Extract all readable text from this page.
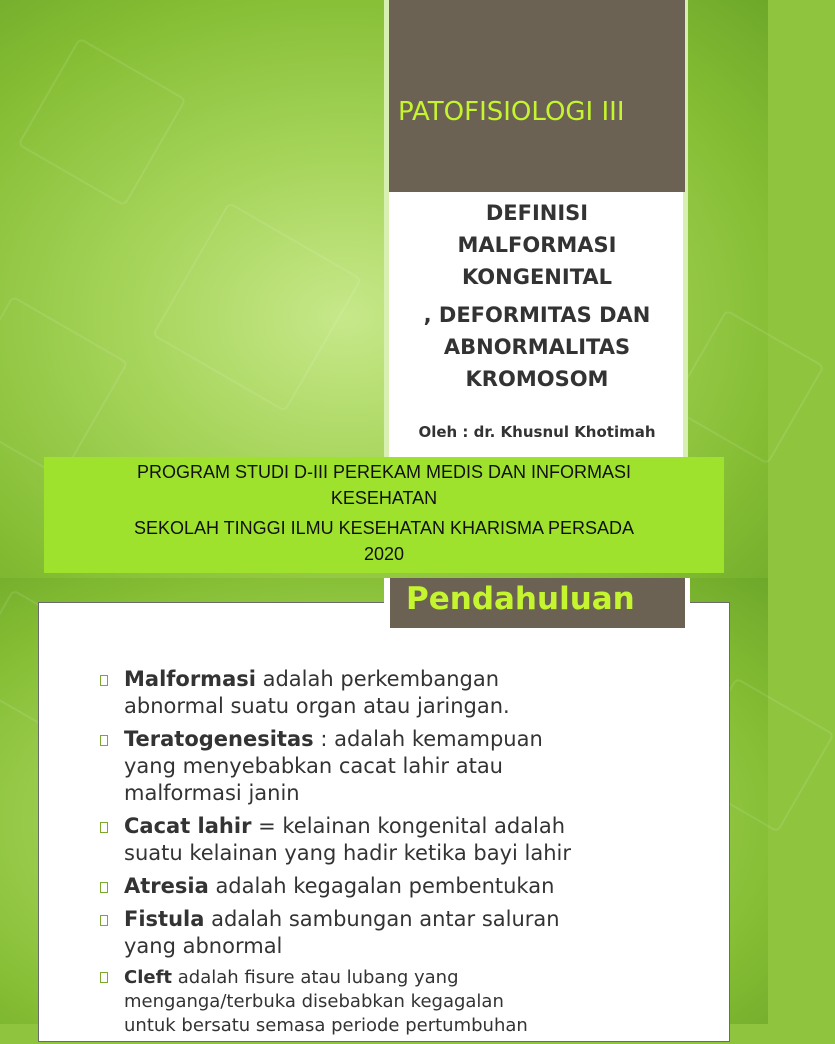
PATOFISIOLOGI III
DEFINISI
MALFORMASI
KONGENITAL
, DEFORMITAS DAN
ABNORMALITAS
KROMOSOM
Oleh : dr. Khusnul Khotimah
PROGRAM STUDI D-III PEREKAM MEDIS DAN INFORMASI
KESEHATAN
SEKOLAH TINGGI ILMU KESEHATAN KHARISMA PERSADA
2020
Pendahuluan
Malformasi adalah perkembangan
abnormal suatu organ atau jaringan.
Teratogenesitas : adalah kemampuan
yang menyebabkan cacat lahir atau
malformasi janin
Cacat lahir = kelainan kongenital adalah
suatu kelainan yang hadir ketika bayi lahir
Atresia adalah kegagalan pembentukan
Fistula adalah sambungan antar saluran
yang abnormal
Cleft adalah fisure atau lubang yang
menganga/terbuka disebabkan kegagalan
untuk bersatu semasa periode pertumbuhan
